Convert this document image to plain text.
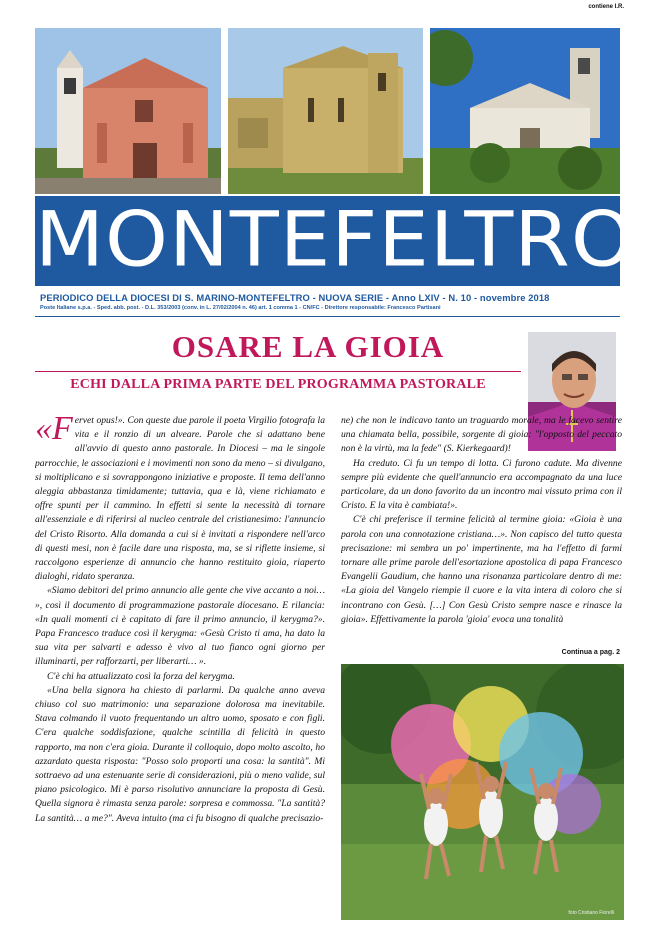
contiene I.R.
MONTEFELTRO
PERIODICO DELLA DIOCESI DI S. MARINO-MONTEFELTRO - NUOVA SERIE - Anno LXIV - N. 10 - novembre 2018
Poste Italiane s.p.a. - Sped. abb. post. - D.L. 353/2003 (conv. in L. 27/02/2004 n. 46) art. 1 comma 1 - CN/FC - Direttore responsabile: Francesco Partisani
OSARE LA GIOIA
ECHI DALLA PRIMA PARTE DEL PROGRAMMA PASTORALE

«Fervet opus!». Con queste due parole il poeta Virgilio fotografa la vita e il ronzio di un alveare. Parole che si adattano bene all'avvio di questo anno pastorale. In Diocesi – ma le singole parrocchie, le associazioni e i movimenti non sono da meno – si divulgano, si moltiplicano e si sovrappongono iniziative e proposte. Il tema dell'anno aleggia abbastanza timidamente; tuttavia, qua e là, viene richiamato e offre spunti per il cammino. In effetti si sente la necessità di tornare all'essenziale e di riferirsi al nucleo centrale del cristianesimo: l'annuncio del Cristo Risorto. Alla domanda a cui si è invitati a rispondere nell'arco di questi mesi, non è facile dare una risposta, ma, se si riflette insieme, si raccolgono esperienze di annuncio che hanno restituito gioia, riaperto dialoghi, ridato speranza.

«Siamo debitori del primo annuncio alle gente che vive accanto a noi… », così il documento di programmazione pastorale diocesano. E rilancia: «In quali momenti ci è capitato di fare il primo annuncio, il kerygma?». Papa Francesco traduce così il kerygma: «Gesù Cristo ti ama, ha dato la sua vita per salvarti e adesso è vivo al tuo fianco ogni giorno per illuminarti, per rafforzarti, per liberarti… ».

C'è chi ha attualizzato così la forza del kerygma.

«Una bella signora ha chiesto di parlarmi. Da qualche anno aveva chiuso col suo matrimonio: una separazione dolorosa ma inevitabile. Stava colmando il vuoto frequentando un altro uomo, sposato e con figli. C'era qualche soddisfazione, qualche scintilla di felicità in questo rapporto, ma non c'era gioia. Durante il colloquio, dopo molto ascolto, ho azzardato questa risposta: "Posso solo proporti una cosa: la santità". Mi sottraevo ad una estenuante serie di considerazioni, più o meno valide, sul piano psicologico. Mi è parso risolutivo annunciare la proposta di Gesù. Quella signora è rimasta senza parole: sorpresa e commossa. "La santità? La santità… a me?". Aveva intuito (ma ci fu bisogno di qualche precisazio-

ne) che non le indicavo tanto un traguardo morale, ma le facevo sentire una chiamata bella, possibile, sorgente di gioia: "l'opposto del peccato non è la virtù, ma la fede" (S. Kierkegaard)!

Ha creduto. Ci fu un tempo di lotta. Ci furono cadute. Ma divenne sempre più evidente che quell'annuncio era accompagnato da una luce particolare, da un dono favorito da un incontro mai vissuto prima con il Cristo. E la vita è cambiata!».

C'è chi preferisce il termine felicità al termine gioia: «Gioia è una parola con una connotazione cristiana…». Non capisco del tutto questa precisazione: mi sembra un po' impertinente, ma ha l'effetto di farmi tornare alle prime parole dell'esortazione apostolica di papa Francesco Evangelii Gaudium, che hanno una risonanza particolare dentro di me: «La gioia del Vangelo riempie il cuore e la vita intera di coloro che si incontrano con Gesù. […] Con Gesù Cristo sempre nasce e rinasce la gioia». Effettivamente la parola 'gioia' evoca una tonalità

Continua a pag. 2
foto Cristiano Fiorelli
